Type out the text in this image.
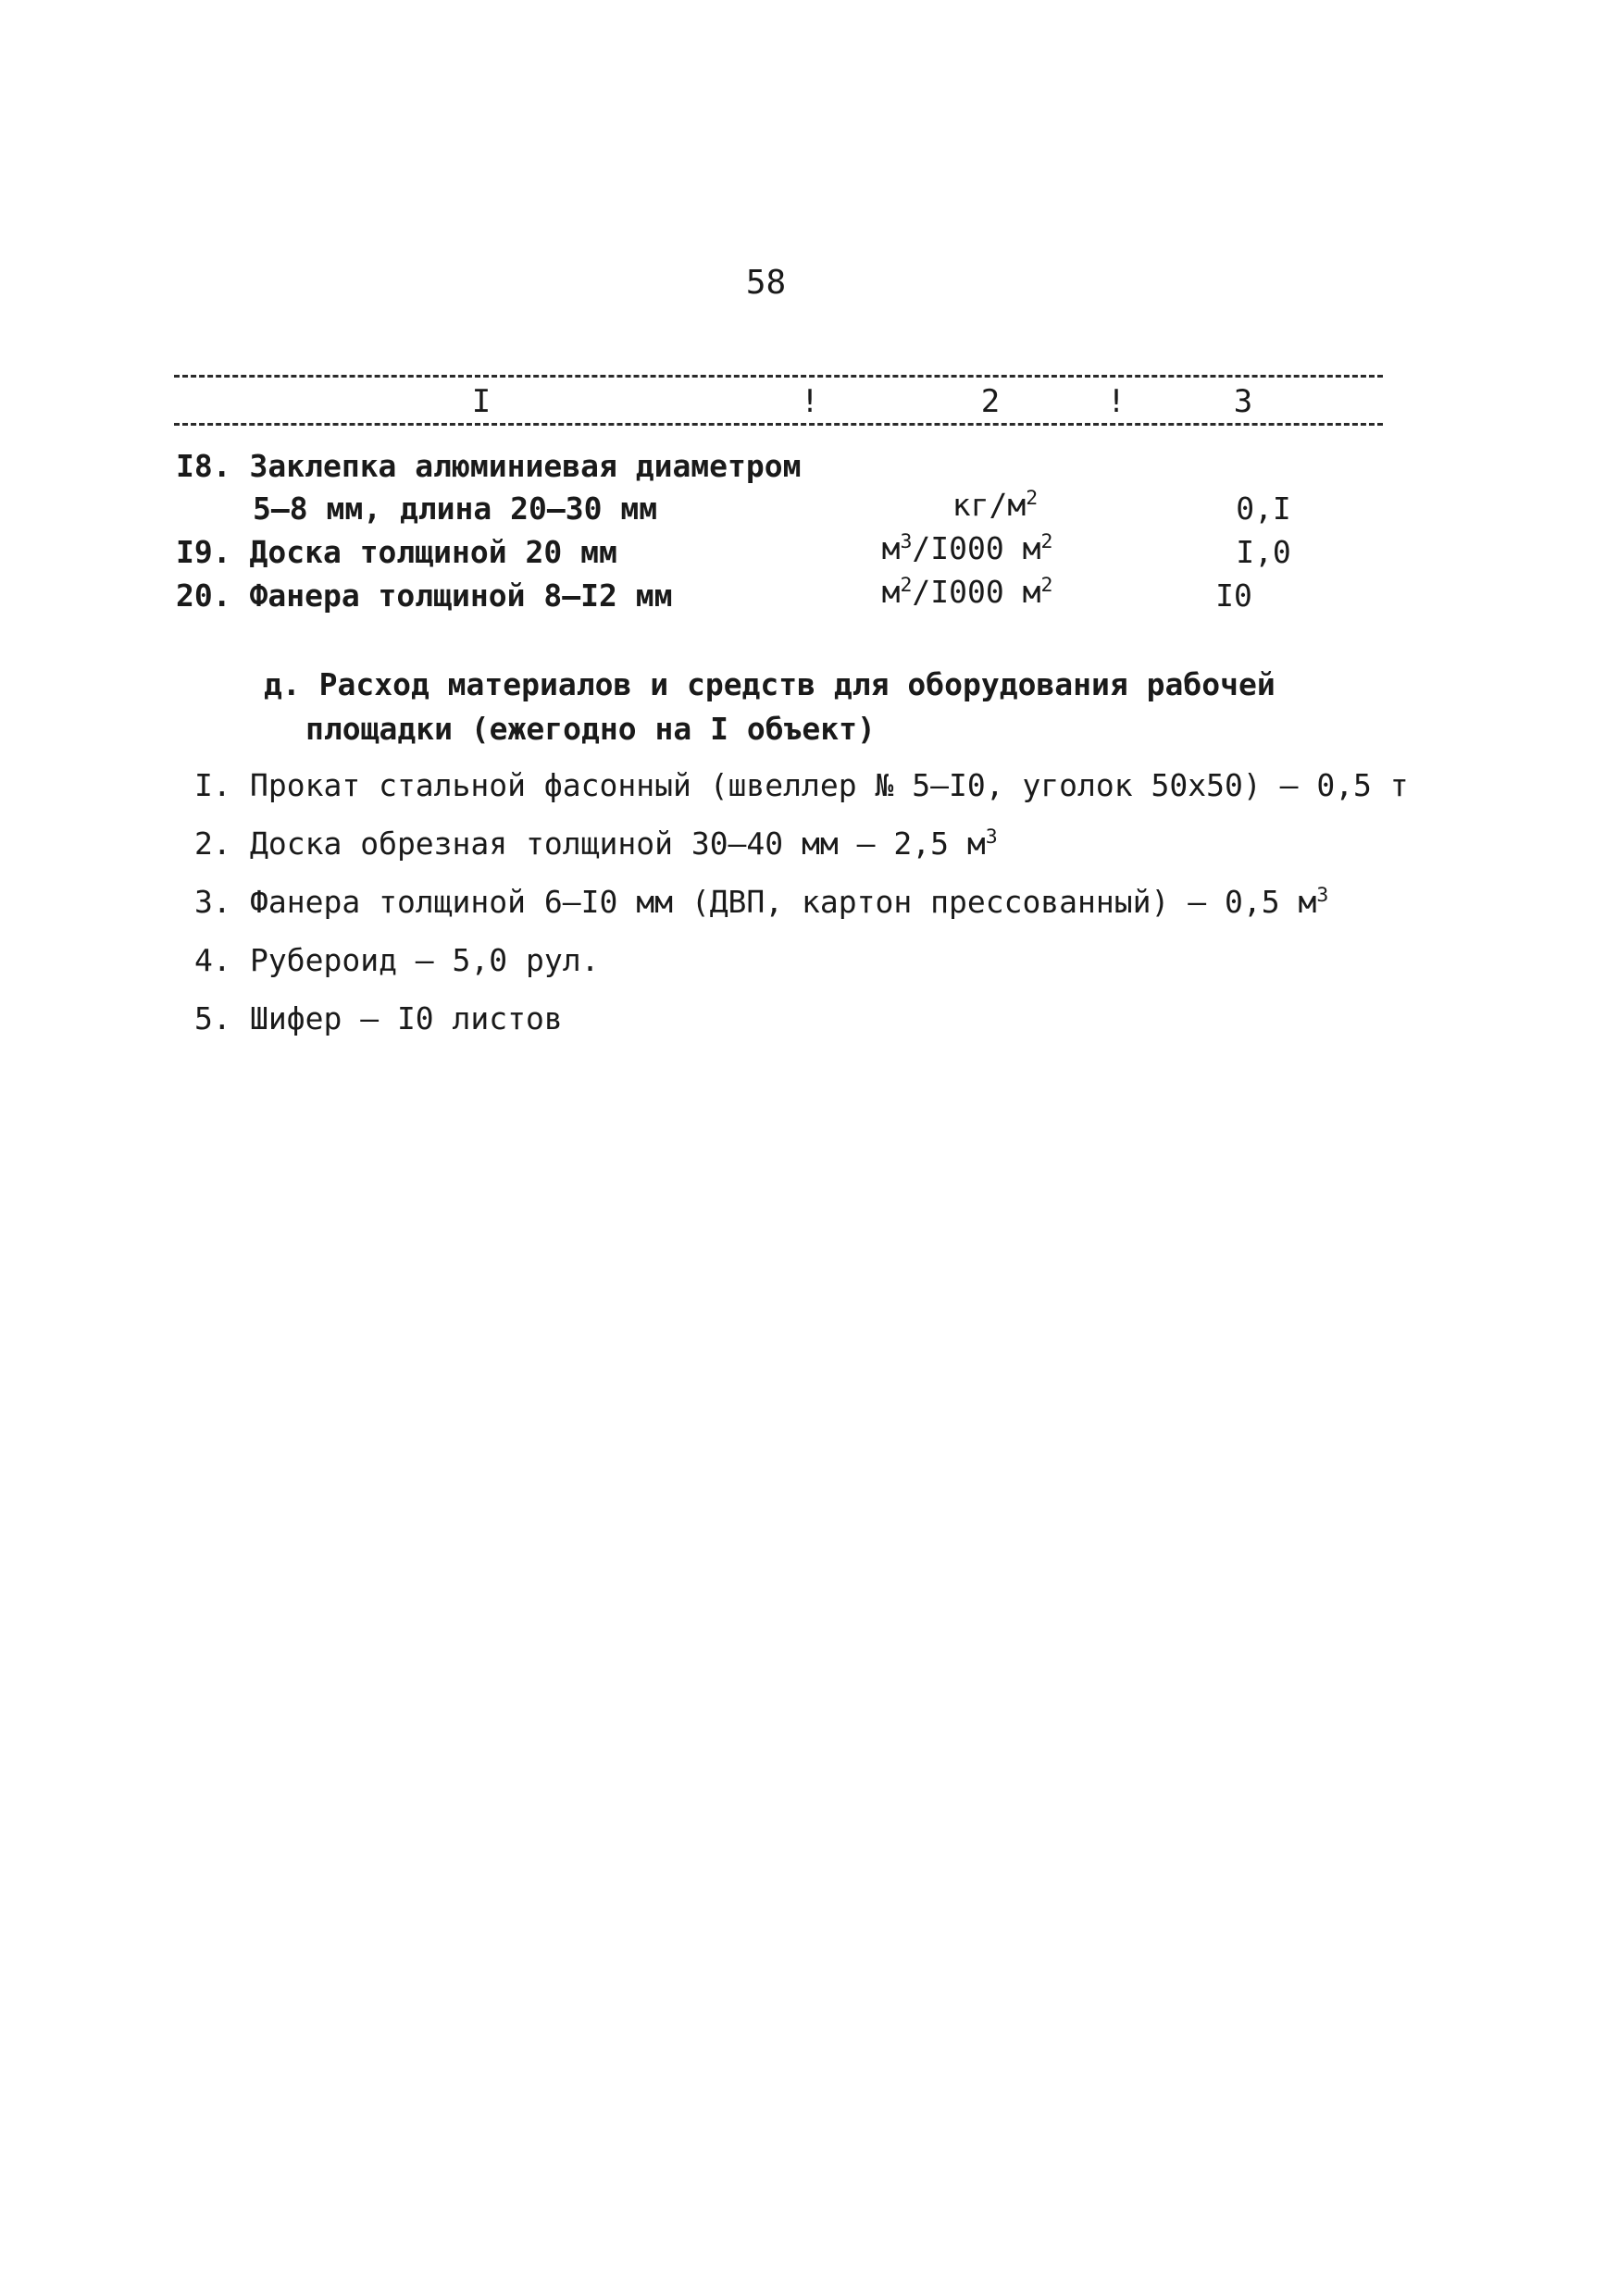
58
I	!	2	!	3
I8. Заклепка алюминиевая диаметром
5–8 мм, длина 20–30 мм	$кг/м^2$	0,I
I9. Доска толщиной 20 мм	$м^3/I000$ $м^2$	I,0
20. Фанера толщиной 8–I2 мм	$м^2/I000$ $м^2$	I0
д. Расход материалов и средств для оборудования рабочей
площадки (ежегодно на I объект)
I. Прокат стальной фасонный (швеллер № 5–I0, уголок 50х50) – 0,5 т
2. Доска обрезная толщиной 30–40 мм – 2,5 $м^3$
3. Фанера толщиной 6–I0 мм (ДВП, картон прессованный) – 0,5 $м^3$
4. Рубероид – 5,0 рул.
5. Шифер – I0 листов
